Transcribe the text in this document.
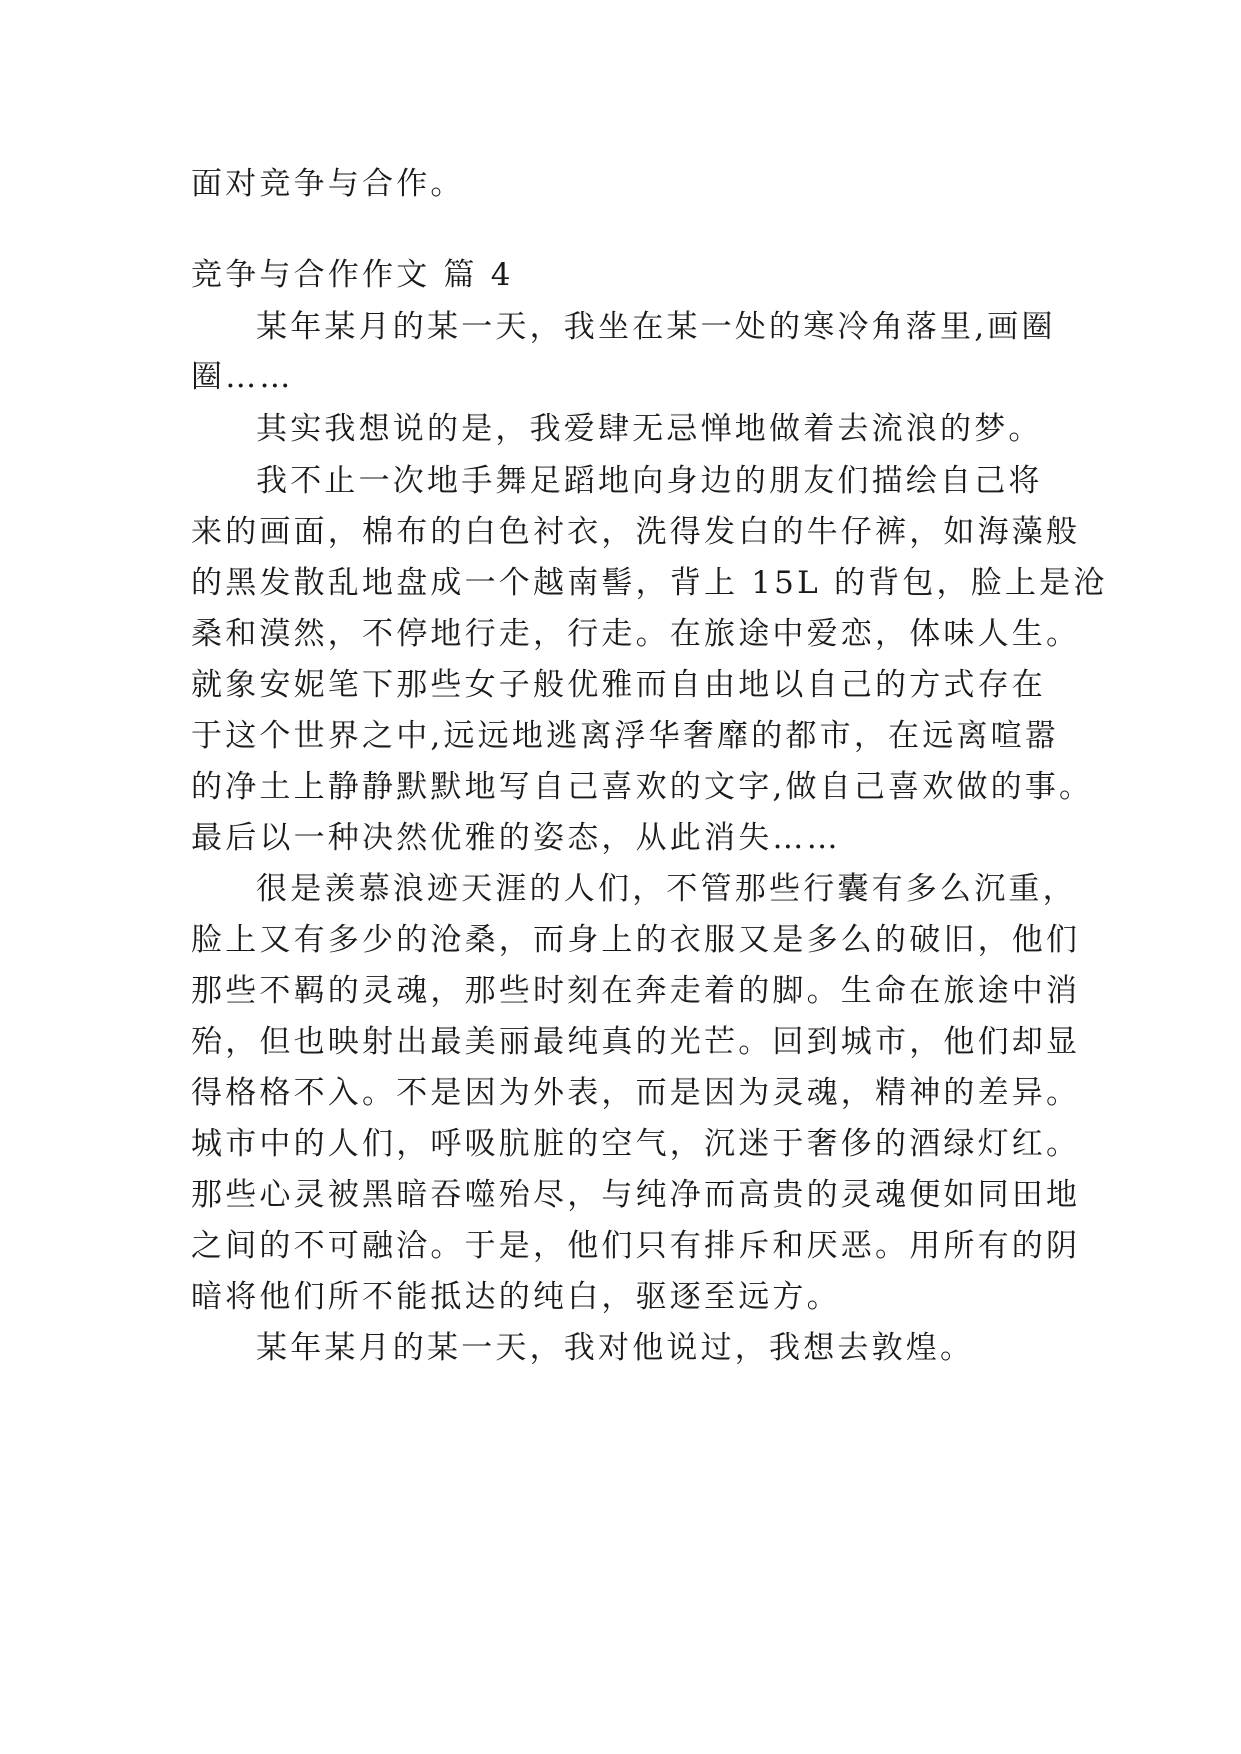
面对竞争与合作。
竞争与合作作文 篇 4
某年某月的某一天，我坐在某一处的寒冷角落里,画圈
圈……
其实我想说的是，我爱肆无忌惮地做着去流浪的梦。
我不止一次地手舞足蹈地向身边的朋友们描绘自己将
来的画面，棉布的白色衬衣，洗得发白的牛仔裤，如海藻般
的黑发散乱地盘成一个越南髻，背上 15L 的背包，脸上是沧
桑和漠然，不停地行走，行走。在旅途中爱恋，体味人生。
就象安妮笔下那些女子般优雅而自由地以自己的方式存在
于这个世界之中,远远地逃离浮华奢靡的都市，在远离喧嚣
的净土上静静默默地写自己喜欢的文字,做自己喜欢做的事。
最后以一种决然优雅的姿态，从此消失……
很是羡慕浪迹天涯的人们，不管那些行囊有多么沉重，
脸上又有多少的沧桑，而身上的衣服又是多么的破旧，他们
那些不羁的灵魂，那些时刻在奔走着的脚。生命在旅途中消
殆，但也映射出最美丽最纯真的光芒。回到城市，他们却显
得格格不入。不是因为外表，而是因为灵魂，精神的差异。
城市中的人们，呼吸肮脏的空气，沉迷于奢侈的酒绿灯红。
那些心灵被黑暗吞噬殆尽，与纯净而高贵的灵魂便如同田地
之间的不可融洽。于是，他们只有排斥和厌恶。用所有的阴
暗将他们所不能抵达的纯白，驱逐至远方。
某年某月的某一天，我对他说过，我想去敦煌。
